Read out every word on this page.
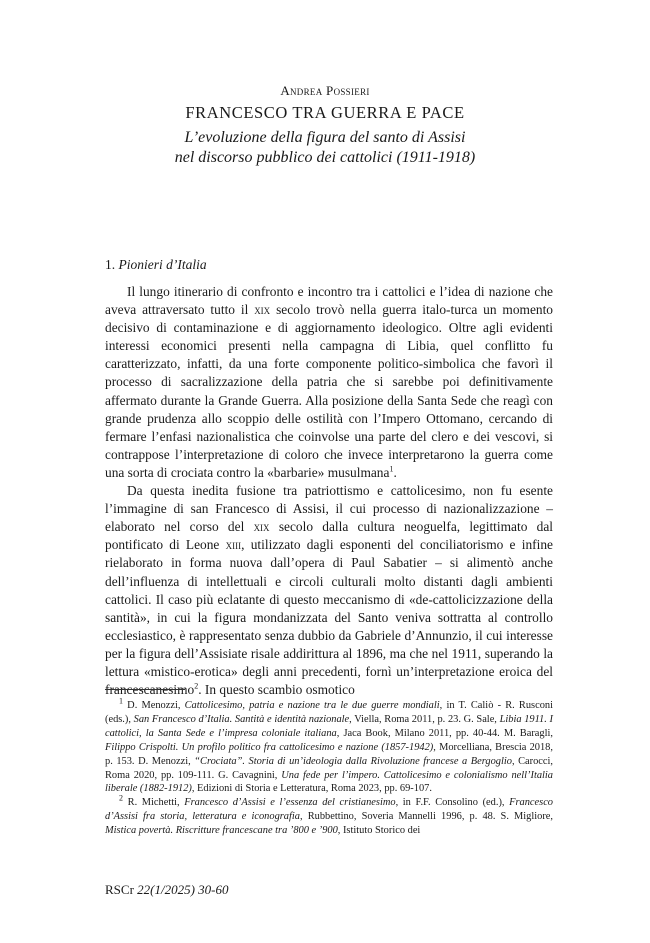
Andrea Possieri
FRANCESCO TRA GUERRA E PACE
L’evoluzione della figura del santo di Assisi
nel discorso pubblico dei cattolici (1911-1918)
1. Pionieri d’Italia

Il lungo itinerario di confronto e incontro tra i cattolici e l’idea di nazione che aveva attraversato tutto il xix secolo trovò nella guerra italo-turca un momento decisivo di contaminazione e di aggiornamento ideologico. Oltre agli evidenti interessi economici presenti nella campagna di Libia, quel conflitto fu caratterizzato, infatti, da una forte componente politico-simbolica che favorì il processo di sacralizzazione della patria che si sarebbe poi definitivamente affermato durante la Grande Guerra. Alla posizione della Santa Sede che reagì con grande prudenza allo scoppio delle ostilità con l’Impero Ottomano, cercando di fermare l’enfasi nazionalistica che coinvolse una parte del clero e dei vescovi, si contrappose l’interpretazione di coloro che invece interpretarono la guerra come una sorta di crociata contro la «barbarie» musulmana$^1$.

Da questa inedita fusione tra patriottismo e cattolicesimo, non fu esente l’immagine di san Francesco di Assisi, il cui processo di nazionalizzazione – elaborato nel corso del xix secolo dalla cultura neoguelfa, legittimato dal pontificato di Leone xiii, utilizzato dagli esponenti del conciliatorismo e infine rielaborato in forma nuova dall’opera di Paul Sabatier – si alimentò anche dell’influenza di intellettuali e circoli culturali molto distanti dagli ambienti cattolici. Il caso più eclatante di questo meccanismo di «de-cattolicizzazione della santità», in cui la figura mondanizzata del Santo veniva sottratta al controllo ecclesiastico, è rappresentato senza dubbio da Gabriele d’Annunzio, il cui interesse per la figura dell’Assisiate risale addirittura al 1896, ma che nel 1911, superando la lettura «mistico-erotica» degli anni precedenti, fornì un’interpretazione eroica del francescanesimo$^2$. In questo scambio osmotico

$^1$ D. Menozzi, Cattolicesimo, patria e nazione tra le due guerre mondiali, in T. Caliò - R. Rusconi (eds.), San Francesco d’Italia. Santità e identità nazionale, Viella, Roma 2011, p. 23. G. Sale, Libia 1911. I cattolici, la Santa Sede e l’impresa coloniale italiana, Jaca Book, Milano 2011, pp. 40-44. M. Baragli, Filippo Crispolti. Un profilo politico fra cattolicesimo e nazione (1857-1942), Morcelliana, Brescia 2018, p. 153. D. Menozzi, “Crociata”. Storia di un’ideologia dalla Rivoluzione francese a Bergoglio, Carocci, Roma 2020, pp. 109-111. G. Cavagnini, Una fede per l’impero. Cattolicesimo e colonialismo nell’Italia liberale (1882-1912), Edizioni di Storia e Letteratura, Roma 2023, pp. 69-107.

$^2$ R. Michetti, Francesco d’Assisi e l’essenza del cristianesimo, in F.F. Consolino (ed.), Francesco d’Assisi fra storia, letteratura e iconografia, Rubbettino, Soveria Mannelli 1996, p. 48. S. Migliore, Mistica povertà. Riscritture francescane tra ’800 e ’900, Istituto Storico dei

RSCr 22(1/2025) 30-60
